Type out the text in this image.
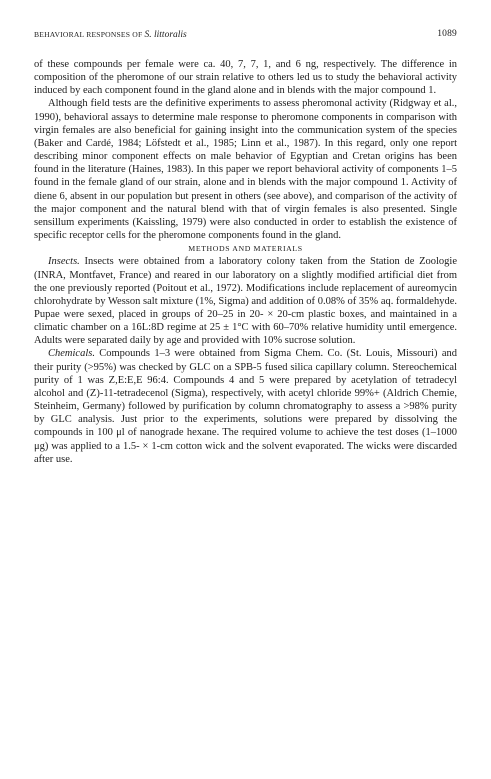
BEHAVIORAL RESPONSES OF S. littoralis	1089

of these compounds per female were ca. 40, 7, 7, 1, and 6 ng, respectively. The difference in composition of the pheromone of our strain relative to others led us to study the behavioral activity induced by each component found in the gland alone and in blends with the major compound 1.

Although field tests are the definitive experiments to assess pheromonal activity (Ridgway et al., 1990), behavioral assays to determine male response to pheromone components in comparison with virgin females are also beneficial for gaining insight into the communication system of the species (Baker and Cardé, 1984; Löfstedt et al., 1985; Linn et al., 1987). In this regard, only one report describing minor component effects on male behavior of Egyptian and Cretan origins has been found in the literature (Haines, 1983). In this paper we report behavioral activity of components 1–5 found in the female gland of our strain, alone and in blends with the major compound 1. Activity of diene 6, absent in our population but present in others (see above), and comparison of the activity of the major component and the natural blend with that of virgin females is also presented. Single sensillum experiments (Kaissling, 1979) were also conducted in order to establish the existence of specific receptor cells for the pheromone components found in the gland.

METHODS AND MATERIALS

Insects. Insects were obtained from a laboratory colony taken from the Station de Zoologie (INRA, Montfavet, France) and reared in our laboratory on a slightly modified artificial diet from the one previously reported (Poitout et al., 1972). Modifications include replacement of aureomycin chlorohydrate by Wesson salt mixture (1%, Sigma) and addition of 0.08% of 35% aq. formaldehyde. Pupae were sexed, placed in groups of 20–25 in 20- × 20-cm plastic boxes, and maintained in a climatic chamber on a 16L:8D regime at 25 ± 1°C with 60–70% relative humidity until emergence. Adults were separated daily by age and provided with 10% sucrose solution.

Chemicals. Compounds 1–3 were obtained from Sigma Chem. Co. (St. Louis, Missouri) and their purity (>95%) was checked by GLC on a SPB-5 fused silica capillary column. Stereochemical purity of 1 was Z,E:E,E 96:4. Compounds 4 and 5 were prepared by acetylation of tetradecyl alcohol and (Z)-11-tetradecenol (Sigma), respectively, with acetyl chloride 99%+ (Aldrich Chemie, Steinheim, Germany) followed by purification by column chromatography to assess a >98% purity by GLC analysis. Just prior to the experiments, solutions were prepared by dissolving the compounds in 100 μl of nanograde hexane. The required volume to achieve the test doses (1–1000 μg) was applied to a 1.5- × 1-cm cotton wick and the solvent evaporated. The wicks were discarded after use.
